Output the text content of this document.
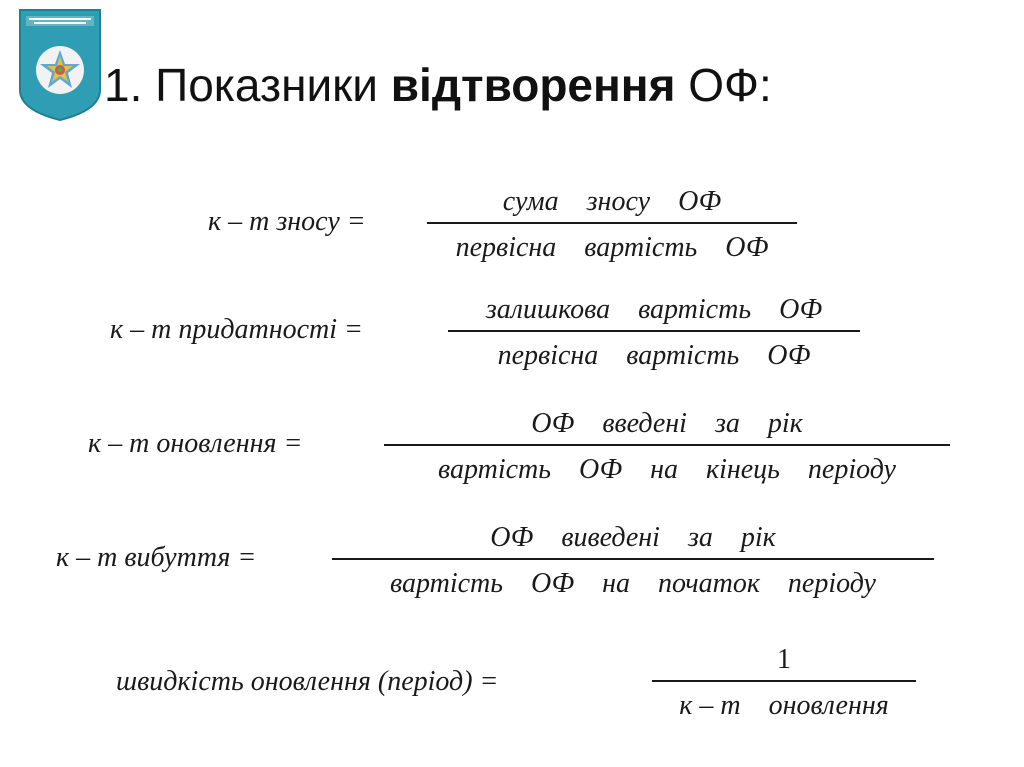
1. Показники відтворення ОФ:
к – т зносу =
сума    зносу    ОФ
первісна    вартість    ОФ
к – т придатності =
залишкова    вартість    ОФ
первісна    вартість    ОФ
к – т оновлення =
ОФ    введені    за    рік
вартість    ОФ    на    кінець    періоду
к – т вибуття =
ОФ    виведені    за    рік
вартість    ОФ    на    початок    періоду
швидкість оновлення (період) =
1
к – т    оновлення
